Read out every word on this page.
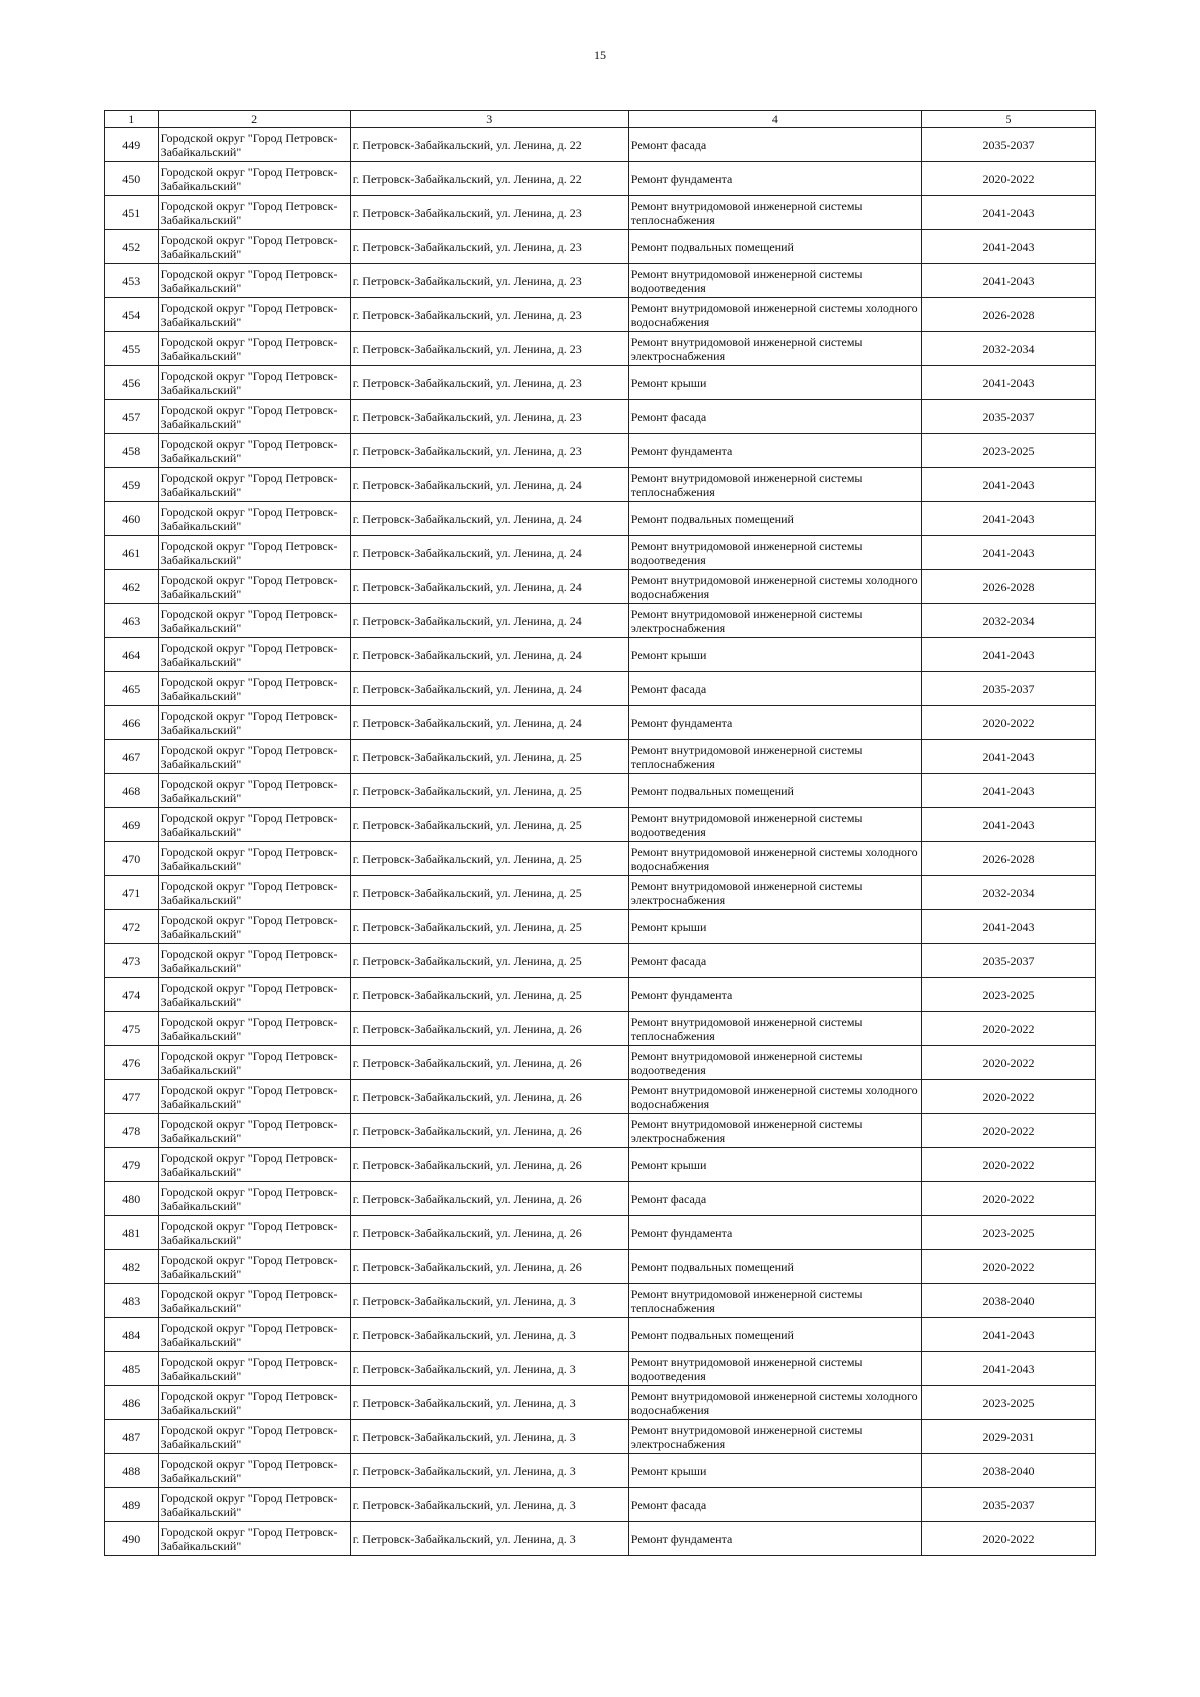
15
1	2	3	4	5
449	Городской округ "Город Петровск-Забайкальский"	г. Петровск-Забайкальский, ул. Ленина, д. 22	Ремонт фасада	2035-2037
450	Городской округ "Город Петровск-Забайкальский"	г. Петровск-Забайкальский, ул. Ленина, д. 22	Ремонт фундамента	2020-2022
451	Городской округ "Город Петровск-Забайкальский"	г. Петровск-Забайкальский, ул. Ленина, д. 23	Ремонт внутридомовой инженерной системы теплоснабжения	2041-2043
452	Городской округ "Город Петровск-Забайкальский"	г. Петровск-Забайкальский, ул. Ленина, д. 23	Ремонт подвальных помещений	2041-2043
453	Городской округ "Город Петровск-Забайкальский"	г. Петровск-Забайкальский, ул. Ленина, д. 23	Ремонт внутридомовой инженерной системы водоотведения	2041-2043
454	Городской округ "Город Петровск-Забайкальский"	г. Петровск-Забайкальский, ул. Ленина, д. 23	Ремонт внутридомовой инженерной системы холодного водоснабжения	2026-2028
455	Городской округ "Город Петровск-Забайкальский"	г. Петровск-Забайкальский, ул. Ленина, д. 23	Ремонт внутридомовой инженерной системы электроснабжения	2032-2034
456	Городской округ "Город Петровск-Забайкальский"	г. Петровск-Забайкальский, ул. Ленина, д. 23	Ремонт крыши	2041-2043
457	Городской округ "Город Петровск-Забайкальский"	г. Петровск-Забайкальский, ул. Ленина, д. 23	Ремонт фасада	2035-2037
458	Городской округ "Город Петровск-Забайкальский"	г. Петровск-Забайкальский, ул. Ленина, д. 23	Ремонт фундамента	2023-2025
459	Городской округ "Город Петровск-Забайкальский"	г. Петровск-Забайкальский, ул. Ленина, д. 24	Ремонт внутридомовой инженерной системы теплоснабжения	2041-2043
460	Городской округ "Город Петровск-Забайкальский"	г. Петровск-Забайкальский, ул. Ленина, д. 24	Ремонт подвальных помещений	2041-2043
461	Городской округ "Город Петровск-Забайкальский"	г. Петровск-Забайкальский, ул. Ленина, д. 24	Ремонт внутридомовой инженерной системы водоотведения	2041-2043
462	Городской округ "Город Петровск-Забайкальский"	г. Петровск-Забайкальский, ул. Ленина, д. 24	Ремонт внутридомовой инженерной системы холодного водоснабжения	2026-2028
463	Городской округ "Город Петровск-Забайкальский"	г. Петровск-Забайкальский, ул. Ленина, д. 24	Ремонт внутридомовой инженерной системы электроснабжения	2032-2034
464	Городской округ "Город Петровск-Забайкальский"	г. Петровск-Забайкальский, ул. Ленина, д. 24	Ремонт крыши	2041-2043
465	Городской округ "Город Петровск-Забайкальский"	г. Петровск-Забайкальский, ул. Ленина, д. 24	Ремонт фасада	2035-2037
466	Городской округ "Город Петровск-Забайкальский"	г. Петровск-Забайкальский, ул. Ленина, д. 24	Ремонт фундамента	2020-2022
467	Городской округ "Город Петровск-Забайкальский"	г. Петровск-Забайкальский, ул. Ленина, д. 25	Ремонт внутридомовой инженерной системы теплоснабжения	2041-2043
468	Городской округ "Город Петровск-Забайкальский"	г. Петровск-Забайкальский, ул. Ленина, д. 25	Ремонт подвальных помещений	2041-2043
469	Городской округ "Город Петровск-Забайкальский"	г. Петровск-Забайкальский, ул. Ленина, д. 25	Ремонт внутридомовой инженерной системы водоотведения	2041-2043
470	Городской округ "Город Петровск-Забайкальский"	г. Петровск-Забайкальский, ул. Ленина, д. 25	Ремонт внутридомовой инженерной системы холодного водоснабжения	2026-2028
471	Городской округ "Город Петровск-Забайкальский"	г. Петровск-Забайкальский, ул. Ленина, д. 25	Ремонт внутридомовой инженерной системы электроснабжения	2032-2034
472	Городской округ "Город Петровск-Забайкальский"	г. Петровск-Забайкальский, ул. Ленина, д. 25	Ремонт крыши	2041-2043
473	Городской округ "Город Петровск-Забайкальский"	г. Петровск-Забайкальский, ул. Ленина, д. 25	Ремонт фасада	2035-2037
474	Городской округ "Город Петровск-Забайкальский"	г. Петровск-Забайкальский, ул. Ленина, д. 25	Ремонт фундамента	2023-2025
475	Городской округ "Город Петровск-Забайкальский"	г. Петровск-Забайкальский, ул. Ленина, д. 26	Ремонт внутридомовой инженерной системы теплоснабжения	2020-2022
476	Городской округ "Город Петровск-Забайкальский"	г. Петровск-Забайкальский, ул. Ленина, д. 26	Ремонт внутридомовой инженерной системы водоотведения	2020-2022
477	Городской округ "Город Петровск-Забайкальский"	г. Петровск-Забайкальский, ул. Ленина, д. 26	Ремонт внутридомовой инженерной системы холодного водоснабжения	2020-2022
478	Городской округ "Город Петровск-Забайкальский"	г. Петровск-Забайкальский, ул. Ленина, д. 26	Ремонт внутридомовой инженерной системы электроснабжения	2020-2022
479	Городской округ "Город Петровск-Забайкальский"	г. Петровск-Забайкальский, ул. Ленина, д. 26	Ремонт крыши	2020-2022
480	Городской округ "Город Петровск-Забайкальский"	г. Петровск-Забайкальский, ул. Ленина, д. 26	Ремонт фасада	2020-2022
481	Городской округ "Город Петровск-Забайкальский"	г. Петровск-Забайкальский, ул. Ленина, д. 26	Ремонт фундамента	2023-2025
482	Городской округ "Город Петровск-Забайкальский"	г. Петровск-Забайкальский, ул. Ленина, д. 26	Ремонт подвальных помещений	2020-2022
483	Городской округ "Город Петровск-Забайкальский"	г. Петровск-Забайкальский, ул. Ленина, д. 3	Ремонт внутридомовой инженерной системы теплоснабжения	2038-2040
484	Городской округ "Город Петровск-Забайкальский"	г. Петровск-Забайкальский, ул. Ленина, д. 3	Ремонт подвальных помещений	2041-2043
485	Городской округ "Город Петровск-Забайкальский"	г. Петровск-Забайкальский, ул. Ленина, д. 3	Ремонт внутридомовой инженерной системы водоотведения	2041-2043
486	Городской округ "Город Петровск-Забайкальский"	г. Петровск-Забайкальский, ул. Ленина, д. 3	Ремонт внутридомовой инженерной системы холодного водоснабжения	2023-2025
487	Городской округ "Город Петровск-Забайкальский"	г. Петровск-Забайкальский, ул. Ленина, д. 3	Ремонт внутридомовой инженерной системы электроснабжения	2029-2031
488	Городской округ "Город Петровск-Забайкальский"	г. Петровск-Забайкальский, ул. Ленина, д. 3	Ремонт крыши	2038-2040
489	Городской округ "Город Петровск-Забайкальский"	г. Петровск-Забайкальский, ул. Ленина, д. 3	Ремонт фасада	2035-2037
490	Городской округ "Город Петровск-Забайкальский"	г. Петровск-Забайкальский, ул. Ленина, д. 3	Ремонт фундамента	2020-2022
